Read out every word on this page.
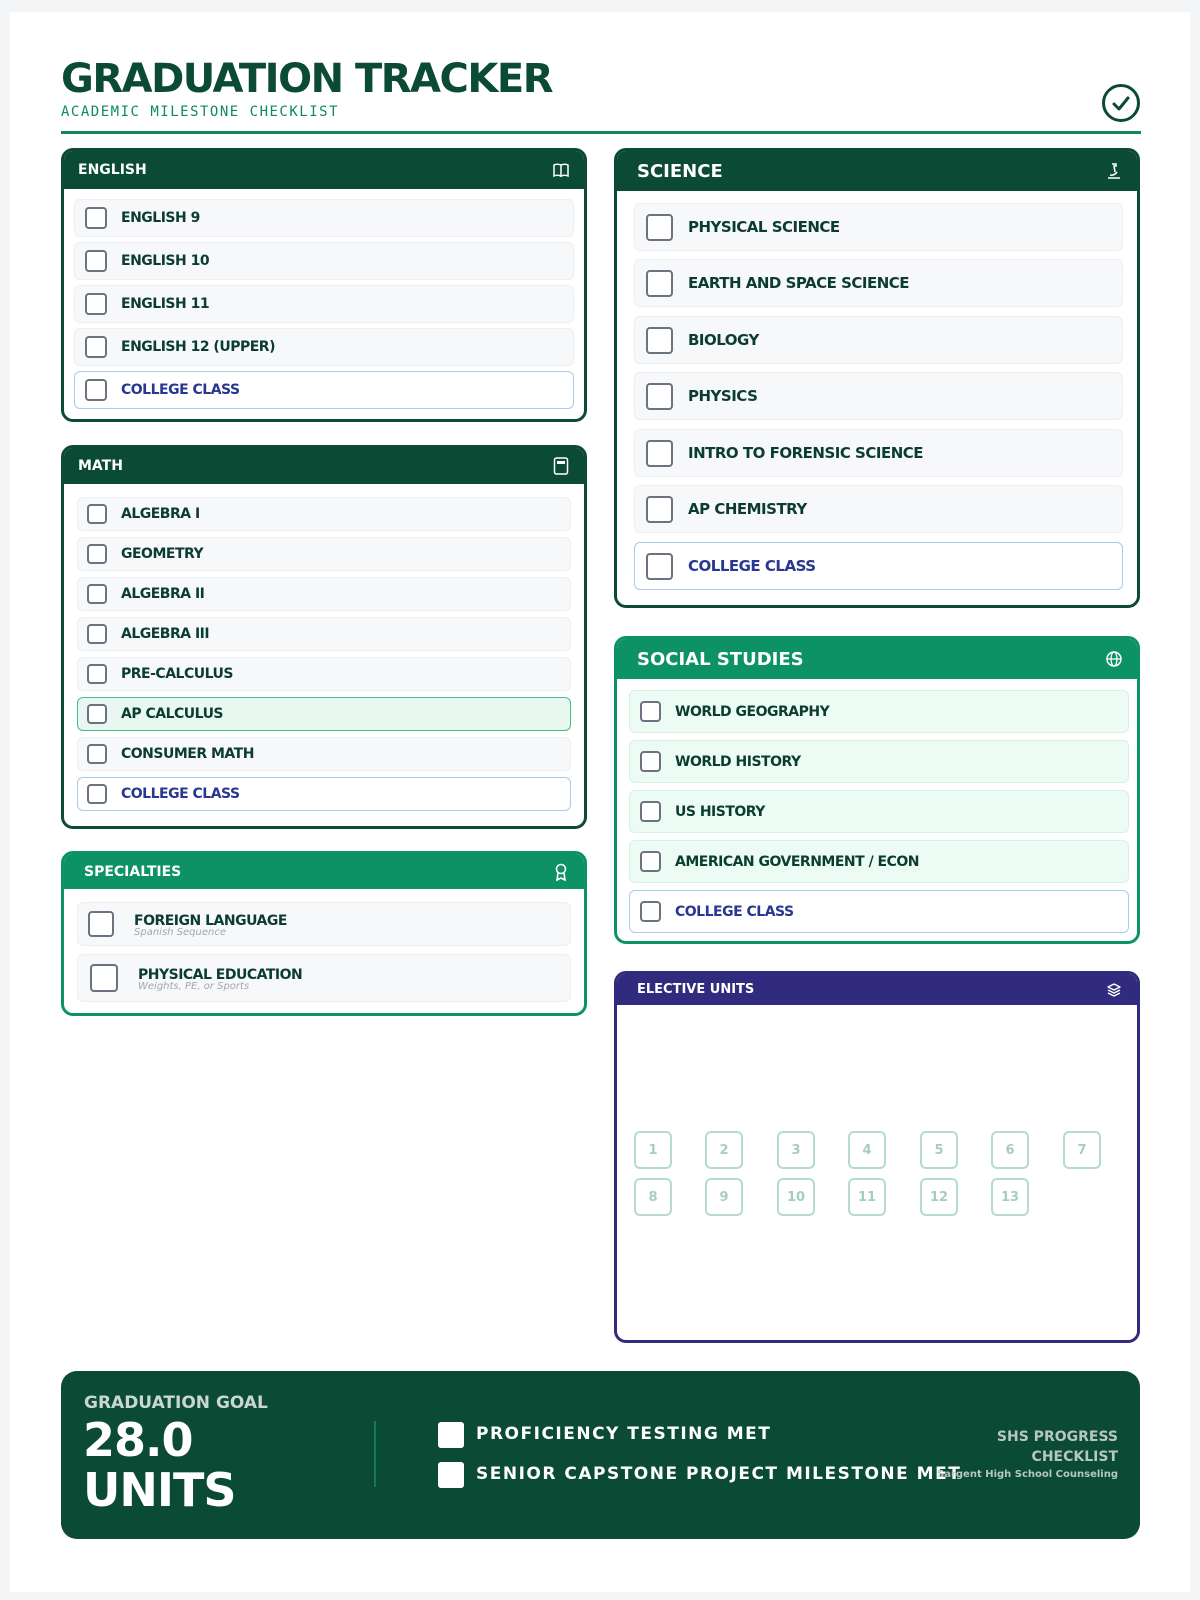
GRADUATION TRACKER
ACADEMIC MILESTONE CHECKLIST
ENGLISH
ENGLISH 9
ENGLISH 10
ENGLISH 11
ENGLISH 12 (UPPER)
COLLEGE CLASS
MATH
ALGEBRA I
GEOMETRY
ALGEBRA II
ALGEBRA III
PRE-CALCULUS
AP CALCULUS
CONSUMER MATH
COLLEGE CLASS
SPECIALTIES
FOREIGN LANGUAGE
Spanish Sequence
PHYSICAL EDUCATION
Weights, PE, or Sports
SCIENCE
PHYSICAL SCIENCE
EARTH AND SPACE SCIENCE
BIOLOGY
PHYSICS
INTRO TO FORENSIC SCIENCE
AP CHEMISTRY
COLLEGE CLASS
SOCIAL STUDIES
WORLD GEOGRAPHY
WORLD HISTORY
US HISTORY
AMERICAN GOVERNMENT / ECON
COLLEGE CLASS
ELECTIVE UNITS
1	2	3	4	5	6	7
8	9	10	11	12	13
GRADUATION GOAL
28.0
UNITS
PROFICIENCY TESTING MET
SENIOR CAPSTONE PROJECT MILESTONE MET
SHS PROGRESS
CHECKLIST
Sargent High School Counseling
